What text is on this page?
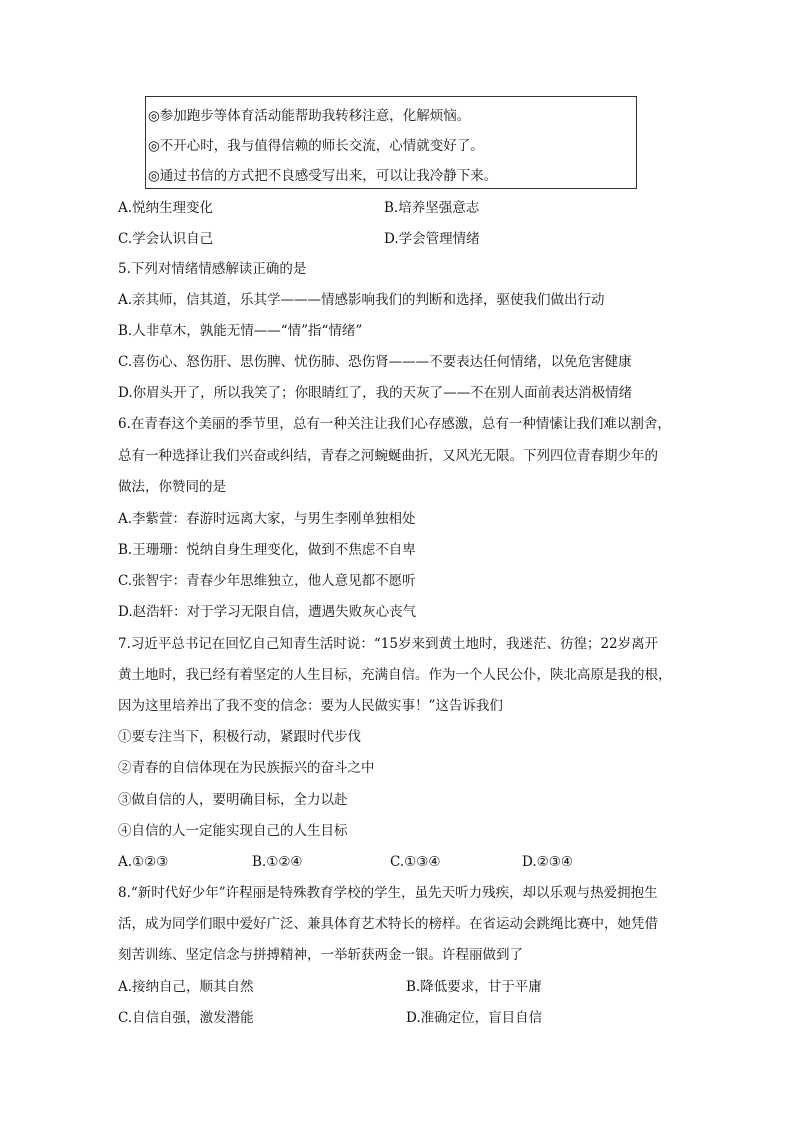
◎参加跑步等体育活动能帮助我转移注意，化解烦恼。
◎不开心时，我与值得信赖的师长交流，心情就变好了。
◎通过书信的方式把不良感受写出来，可以让我冷静下来。
A.悦纳生理变化	B.培养坚强意志
C.学会认识自己	D.学会管理情绪
5.下列对情绪情感解读正确的是
A.亲其师，信其道，乐其学———情感影响我们的判断和选择，驱使我们做出行动
B.人非草木，孰能无情——“情”指“情绪”
C.喜伤心、怒伤肝、思伤脾、忧伤肺、恐伤肾———不要表达任何情绪，以免危害健康
D.你眉头开了，所以我笑了；你眼睛红了，我的天灰了——不在别人面前表达消极情绪
6.在青春这个美丽的季节里，总有一种关注让我们心存感激，总有一种情愫让我们难以割舍，
总有一种选择让我们兴奋或纠结，青春之河蜿蜒曲折，又风光无限。下列四位青春期少年的
做法，你赞同的是
A.李紫萱：春游时远离大家，与男生李刚单独相处
B.王珊珊：悦纳自身生理变化，做到不焦虑不自卑
C.张智宇：青春少年思维独立，他人意见都不愿听
D.赵浩轩：对于学习无限自信，遭遇失败灰心丧气
7.习近平总书记在回忆自己知青生活时说：“15岁来到黄土地时，我迷茫、彷徨；22岁离开
黄土地时，我已经有着坚定的人生目标，充满自信。作为一个人民公仆，陕北高原是我的根，
因为这里培养出了我不变的信念：要为人民做实事！”这告诉我们
①要专注当下，积极行动，紧跟时代步伐
②青春的自信体现在为民族振兴的奋斗之中
③做自信的人，要明确目标，全力以赴
④自信的人一定能实现自己的人生目标
A.①②③	B.①②④	C.①③④	D.②③④
8.“新时代好少年”许程丽是特殊教育学校的学生，虽先天听力残疾，却以乐观与热爱拥抱生
活，成为同学们眼中爱好广泛、兼具体育艺术特长的榜样。在省运动会跳绳比赛中，她凭借
刻苦训练、坚定信念与拼搏精神，一举斩获两金一银。许程丽做到了
A.接纳自己，顺其自然	B.降低要求，甘于平庸
C.自信自强，激发潜能	D.准确定位，盲目自信
